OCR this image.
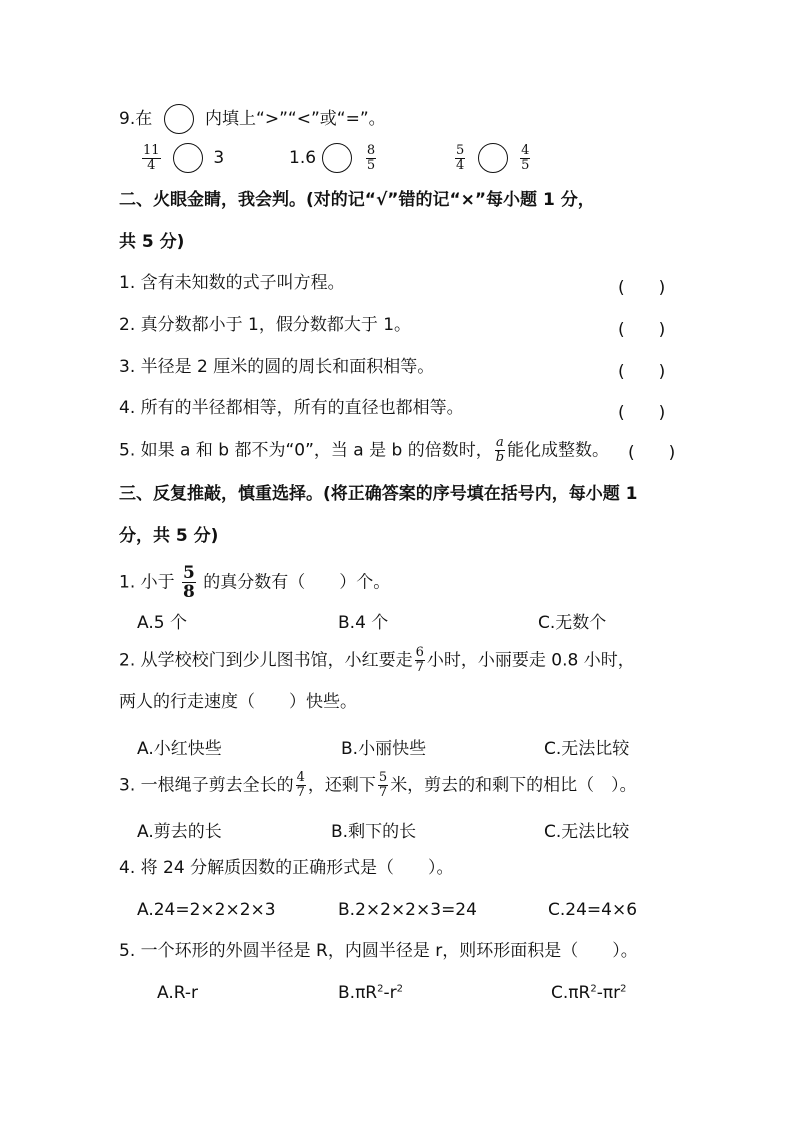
9.在	内填上“>”“<”或“=”。
$\frac{11}{4}$	3	1.6	$\frac{8}{5}$	$\frac{5}{4}$
	$\frac{4}{5}$
二、火眼金睛，我会判。(对的记“√”错的记“×”每小题 1 分，
共 5 分)
1. 含有未知数的式子叫方程。	(　　)
2. 真分数都小于 1，假分数都大于 1。	(　　)
3. 半径是 2 厘米的圆的周长和面积相等。	(　　)
4. 所有的半径都相等，所有的直径也都相等。	(　　)
5. 如果 a 和 b 都不为“0”，当 a 是 b 的倍数时， $\frac{a}{b}$ 能化成整数。 (　　)
三、反复推敲，慎重选择。(将正确答案的序号填在括号内，每小题 1
分，共 5 分)
1. 小于 $\frac{5}{8}$ 的真分数有（　　）个。
A.5 个	B.4 个	C.无数个
2. 从学校校门到少儿图书馆，小红要走 $\frac{6}{7}$ 小时，小丽要走 0.8 小时，
两人的行走速度（　　）快些。
A.小红快些	B.小丽快些	C.无法比较
3. 一根绳子剪去全长的 $\frac{4}{7}$ ，还剩下 $\frac{5}{7}$ 米，剪去的和剩下的相比（　）。
A.剪去的长	B.剩下的长	C.无法比较
4. 将 24 分解质因数的正确形式是（　　）。
A.24=2×2×2×3	B.2×2×2×3=24	C.24=4×6
5. 一个环形的外圆半径是 R，内圆半径是 r，则环形面积是（　　）。
A.R-r	$B.\pi R^2-r^2$	$C.\pi R^2-\pi r^2$
